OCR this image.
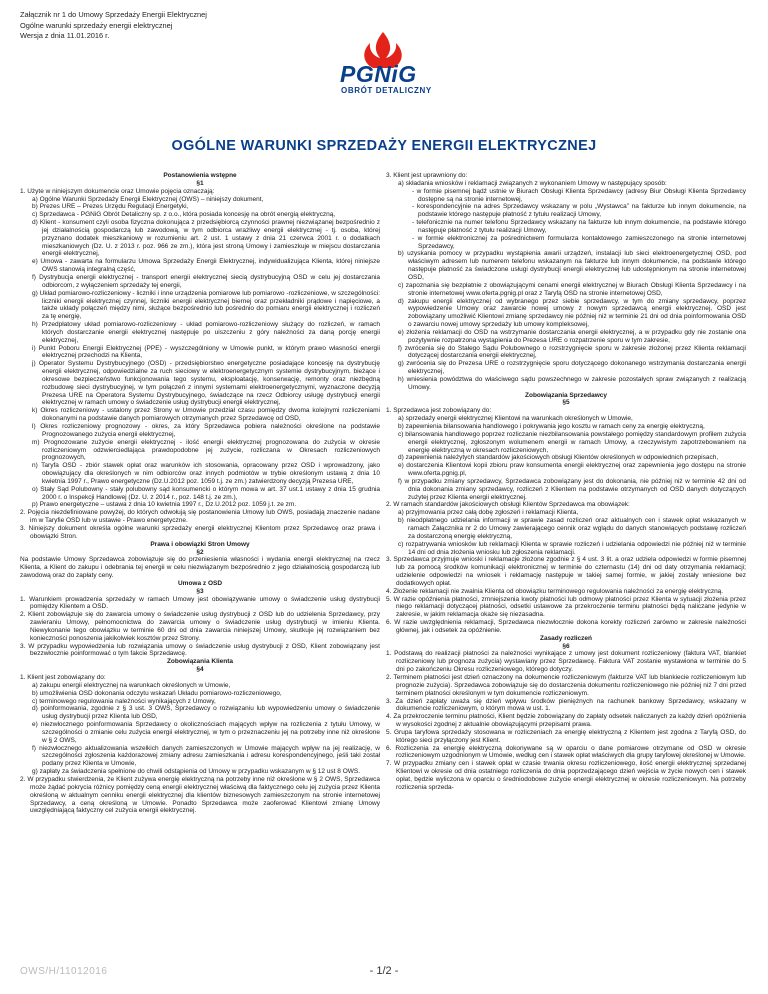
Załącznik nr 1 do Umowy Sprzedaży Energii Elektrycznej
Ogólne warunki sprzedaży energii elektrycznej
Wersja z dnia 11.01.2016 r.
PGNiG
OBRÓT DETALICZNY
OGÓLNE WARUNKI SPRZEDAŻY ENERGII ELEKTRYCZNEJ
Postanowienia wstępne
§1
1. Użyte w niniejszym dokumencie oraz Umowie pojęcia oznaczają:
a) Ogólne Warunki Sprzedaży Energii Elektrycznej (OWS) – niniejszy dokument,
b) Prezes URE – Prezes Urzędu Regulacji Energetyki,
c) Sprzedawca - PGNiG Obrót Detaliczny sp. z o.o., która posiada koncesję na obrót energią elektryczną,
d) Klient - konsument czyli osoba fizyczna dokonująca z przedsiębiorcą czynności prawnej niezwiązanej bezpośrednio z jej działalnością gospodarczą lub zawodową, w tym odbiorca wrażliwy energii elektrycznej - tj. osoba, której przyznano dodatek mieszkaniowy w rozumieniu art. 2 ust. 1 ustawy z dnia 21 czerwca 2001 r. o dodatkach mieszkaniowych (Dz. U. z 2013 r. poz. 966 ze zm.), która jest stroną Umowy i zamieszkuje w miejscu dostarczania energii elektrycznej,
e) Umowa - zawarta na formularzu Umowa Sprzedaży Energii Elektrycznej, indywidualizująca Klienta, której niniejsze OWS stanowią integralną część,
f) Dystrybucja energii elektrycznej - transport energii elektrycznej siecią dystrybucyjną OSD w celu jej dostarczania odbiorcom, z wyłączeniem sprzedaży tej energii,
g) Układ pomiarowo-rozliczeniowy - liczniki i inne urządzenia pomiarowe lub pomiarowo -rozliczeniowe, w szczególności: liczniki energii elektrycznej czynnej, liczniki energii elektrycznej biernej oraz przekładniki prądowe i napięciowe, a także układy połączeń między nimi, służące bezpośrednio lub pośrednio do pomiaru energii elektrycznej i rozliczeń za tę energię,
h) Przedpłatowy układ pomiarowo-rozliczeniowy - układ pomiarowo-rozliczeniowy służący do rozliczeń, w ramach których dostarczanie energii elektrycznej następuje po uiszczeniu z góry należności za daną porcję energii elektrycznej,
i) Punkt Poboru Energii Elektrycznej (PPE) - wyszczególniony w Umowie punkt, w którym prawo własności energii elektrycznej przechodzi na Klienta,
j) Operator Systemu Dystrybucyjnego (OSD) - przedsiębiorstwo energetyczne posiadające koncesję na dystrybucję energii elektrycznej, odpowiedzialne za ruch sieciowy w elektroenergetycznym systemie dystrybucyjnym, bieżące i okresowe bezpieczeństwo funkcjonowania tego systemu, eksploatację, konserwację, remonty oraz niezbędną rozbudowę sieci dystrybucyjnej, w tym połączeń z innymi systemami elektroenergetycznymi, wyznaczone decyzją Prezesa URE na Operatora Systemu Dystrybucyjnego, świadczące na rzecz Odbiorcy usługę dystrybucji energii elektrycznej w ramach umowy o świadczenie usług dystrybucji energii elektrycznej,
k) Okres rozliczeniowy - ustalony przez Strony w Umowie przedział czasu pomiędzy dwoma kolejnymi rozliczeniami dokonanymi na podstawie danych pomiarowych otrzymanych przez Sprzedawcę od OSD,
l) Okres rozliczeniowy prognozowy - okres, za który Sprzedawca pobiera należności określone na podstawie Prognozowanego zużycia energii elektrycznej,
m) Prognozowane zużycie energii elektrycznej - ilość energii elektrycznej prognozowana do zużycia w okresie rozliczeniowym odzwierciedlająca prawdopodobne jej zużycie, rozliczana w Okresach rozliczeniowych prognozowych,
n) Taryfa OSD - zbiór stawek opłat oraz warunków ich stosowania, opracowany przez OSD i wprowadzony, jako obowiązujący dla określonych w nim odbiorców oraz innych podmiotów w trybie określonym ustawą z dnia 10 kwietnia 1997 r., Prawo energetyczne (Dz.U.2012 poz. 1059 t.j. ze zm.) zatwierdzony decyzją Prezesa URE,
o) Stały Sąd Polubowny - stały polubowny sąd konsumencki o którym mowa w art. 37 ust.1 ustawy z dnia 15 grudnia 2000 r. o Inspekcji Handlowej (Dz. U. z 2014 r., poz. 148 t.j. ze zm.),
p) Prawo energetyczne – ustawa z dnia 10 kwietnia 1997 r., Dz.U.2012 poz. 1059 j.t. ze zm.
2. Pojęcia niezdefiniowane powyżej, do których odwołują się postanowienia Umowy lub OWS, posiadają znaczenie nadane im w Taryfie OSD lub w ustawie - Prawo energetyczne.
3. Niniejszy dokument określa ogólne warunki sprzedaży energii elektrycznej Klientom przez Sprzedawcę oraz prawa i obowiązki Stron.
Prawa i obowiązki Stron Umowy
§2
Na podstawie Umowy Sprzedawca zobowiązuje się do przeniesienia własności i wydania energii elektrycznej na rzecz Klienta, a Klient do zakupu i odebrania tej energii w celu niezwiązanym bezpośrednio z jego działalnością gospodarczą lub zawodową oraz do zapłaty ceny.
Umowa z OSD
§3
1. Warunkiem prowadzenia sprzedaży w ramach Umowy jest obowiązywanie umowy o świadczenie usług dystrybucji pomiędzy Klientem a OSD.
2. Klient zobowiązuje się do zawarcia umowy o świadczenie usług dystrybucji z OSD lub do udzielenia Sprzedawcy, przy zawieraniu Umowy, pełnomocnictwa do zawarcia umowy o świadczenie usług dystrybucji w imieniu Klienta. Niewykonanie tego obowiązku w terminie 60 dni od dnia zawarcia niniejszej Umowy, skutkuje jej rozwiązaniem bez konieczności ponoszenia jakikolwiek kosztów przez Strony.
3. W przypadku wypowiedzenia lub rozwiązania umowy o świadczenie usług dystrybucji z OSD, Klient zobowiązany jest bezzwłocznie poinformować o tym fakcie Sprzedawcę.
Zobowiązania Klienta
§4
1. Klient jest zobowiązany do:
a) zakupu energii elektrycznej na warunkach określonych w Umowie,
b) umożliwienia OSD dokonania odczytu wskazań Układu pomiarowo-rozliczeniowego,
c) terminowego regulowania należności wynikających z Umowy,
d) poinformowania, zgodnie z § 3 ust. 3 OWS, Sprzedawcy o rozwiązaniu lub wypowiedzeniu umowy o świadczenie usług dystrybucji przez Klienta lub OSD,
e) niezwłocznego poinformowania Sprzedawcy o okolicznościach mających wpływ na rozliczenia z tytułu Umowy, w szczególności o zmianie celu zużycia energii elektrycznej, w tym o przeznaczeniu jej na potrzeby inne niż określone w § 2 OWS,
f) niezwłocznego aktualizowania wszelkich danych zamieszczonych w Umowie mających wpływ na jej realizację, w szczególności zgłoszenia każdorazowej zmiany adresu zamieszkania i adresu korespondencyjnego, jeśli taki został podany przez Klienta w Umowie,
g) zapłaty za świadczenia spełnione do chwili odstąpienia od Umowy w przypadku wskazanym w § 12 ust 8 OWS.
2. W przypadku stwierdzenia, że Klient zużywa energię elektryczną na potrzeby inne niż określone w § 2 OWS, Sprzedawca może żądać pokrycia różnicy pomiędzy ceną energii elektrycznej właściwą dla faktycznego celu jej zużycia przez Klienta określoną w aktualnym cenniku energii elektrycznej dla klientów biznesowych zamieszczonym na stronie internetowej Sprzedawcy, a ceną określoną w Umowie. Ponadto Sprzedawca może zaoferować Klientowi zmianę Umowy uwzględniającą faktyczny cel zużycia energii elektrycznej.
3. Klient jest uprawniony do:
a) składania wniosków i reklamacji związanych z wykonaniem Umowy w następujący sposób:
- w formie pisemnej bądź ustnie w Biurach Obsługi Klienta Sprzedawcy (adresy Biur Obsługi Klienta Sprzedawcy dostępne są na stronie internetowej,
- korespondencyjnie na adres Sprzedawcy wskazany w polu „Wystawca” na fakturze lub innym dokumencie, na podstawie którego następuje płatność z tytułu realizacji Umowy,
- telefonicznie na numer telefonu Sprzedawcy wskazany na fakturze lub innym dokumencie, na podstawie którego następuje płatność z tytułu realizacji Umowy,
- w formie elektronicznej za pośrednictwem formularza kontaktowego zamieszczonego na stronie internetowej Sprzedawcy,
b) uzyskania pomocy w przypadku wystąpienia awarii urządzeń, instalacji lub sieci elektroenergetycznej OSD, pod właściwym adresem lub numerem telefonu wskazanym na fakturze lub innym dokumencie, na podstawie którego następuje płatność za świadczone usługi dystrybucji energii elektrycznej lub udostępnionym na stronie internetowej OSD,
c) zapoznania się bezpłatnie z obowiązującymi cenami energii elektrycznej w Biurach Obsługi Klienta Sprzedawcy i na stronie internetowej www.oferta.pgnig.pl oraz z Taryfą OSD na stronie internetowej OSD,
d) zakupu energii elektrycznej od wybranego przez siebie sprzedawcy, w tym do zmiany sprzedawcy, poprzez wypowiedzenie Umowy oraz zawarcie nowej umowy z nowym sprzedawcą energii elektrycznej, OSD jest zobowiązany umożliwić Klientowi zmianę sprzedawcy nie później niż w terminie 21 dni od dnia poinformowania OSD o zawarciu nowej umowy sprzedaży lub umowy kompleksowej,
e) złożenia reklamacji do OSD na wstrzymanie dostarczania energii elektrycznej, a w przypadku gdy nie zostanie ona pozytywnie rozpatrzona wystąpienia do Prezesa URE o rozpatrzenie sporu w tym zakresie,
f) zwrócenia się do Stałego Sądu Polubownego o rozstrzygnięcie sporu w zakresie złożonej przez Klienta reklamacji dotyczącej dostarczania energii elektrycznej,
g) zwrócenia się do Prezesa URE o rozstrzygnięcie sporu dotyczącego dokonanego wstrzymania dostarczania energii elektrycznej,
h) wniesienia powództwa do właściwego sądu powszechnego w zakresie pozostałych spraw związanych z realizacją Umowy.
Zobowiązania Sprzedawcy
§5
1. Sprzedawca jest zobowiązany do:
a) sprzedaży energii elektrycznej Klientowi na warunkach określonych w Umowie,
b) zapewnienia bilansowania handlowego i pokrywania jego kosztu w ramach ceny za energię elektryczną,
c) bilansowania handlowego poprzez rozliczanie niezbilansowania powstałego pomiędzy standardowym profilem zużycia energii elektrycznej, zgłoszonym wolumenem energii w ramach Umowy, a rzeczywistym zapotrzebowaniem na energię elektryczną w okresach rozliczeniowych,
d) zapewnienia należytych standardów jakościowych obsługi Klientów określonych w odpowiednich przepisach,
e) dostarczenia Klientowi kopii zbioru praw konsumenta energii elektrycznej oraz zapewnienia jego dostępu na stronie www.oferta.pgnig.pl,
f) w przypadku zmiany sprzedawcy, Sprzedawca zobowiązany jest do dokonania, nie później niż w terminie 42 dni od dnia dokonania zmiany sprzedawcy, rozliczeń z Klientem na podstawie otrzymanych od OSD danych dotyczących zużytej przez Klienta energii elektrycznej.
2. W ramach standardów jakościowych obsługi Klientów Sprzedawca ma obowiązek:
a) przyjmowania przez całą dobę zgłoszeń i reklamacji Klienta,
b) nieodpłatnego udzielania informacji w sprawie zasad rozliczeń oraz aktualnych cen i stawek opłat wskazanych w ramach Załącznika nr 2 do Umowy zawierającego cennik oraz wglądu do danych stanowiących podstawę rozliczeń za dostarczoną energię elektryczną,
c) rozpatrywania wniosków lub reklamacji Klienta w sprawie rozliczeń i udzielania odpowiedzi nie później niż w terminie 14 dni od dnia złożenia wniosku lub zgłoszenia reklamacji.
3. Sprzedawca przyjmuje wnioski i reklamacje złożone zgodnie z § 4 ust. 3 lit. a oraz udziela odpowiedzi w formie pisemnej lub za pomocą środków komunikacji elektronicznej w terminie do czternastu (14) dni od daty otrzymania reklamacji; udzielenie odpowiedzi na wniosek i reklamację następuje w takiej samej formie, w jakiej zostały wniesione bez dodatkowych opłat.
4. Złożenie reklamacji nie zwalnia Klienta od obowiązku terminowego regulowania należności za energię elektryczną.
5. W razie opóźnienia płatności, zmniejszenia kwoty płatności lub odmowy płatności przez Klienta w sytuacji złożenia przez niego reklamacji dotyczącej płatności, odsetki ustawowe za przekroczenie terminu płatności będą naliczane jedynie w zakresie, w jakim reklamacja okaże się niezasadna.
6. W razie uwzględnienia reklamacji, Sprzedawca niezwłocznie dokona korekty rozliczeń zarówno w zakresie należności głównej, jak i odsetek za opóźnienie.
Zasady rozliczeń
§6
1. Podstawą do realizacji płatności za należności wynikające z umowy jest dokument rozliczeniowy (faktura VAT, blankiet rozliczeniowy lub prognoza zużycia) wystawiany przez Sprzedawcę. Faktura VAT zostanie wystawiona w terminie do 5 dni po zakończeniu Okresu rozliczeniowego, którego dotyczy.
2. Terminem płatności jest dzień oznaczony na dokumencie rozliczeniowym (fakturze VAT lub blankiecie rozliczeniowym lub prognozie zużycia). Sprzedawca zobowiązuje się do dostarczenia dokumentu rozliczeniowego nie później niż 7 dni przed terminem płatności określonym w tym dokumencie rozliczeniowym.
3. Za dzień zapłaty uważa się dzień wpływu środków pieniężnych na rachunek bankowy Sprzedawcy, wskazany w dokumencie rozliczeniowym, o którym mowa w ust. 1.
4. Za przekroczenie terminu płatności, Klient będzie zobowiązany do zapłaty odsetek naliczanych za każdy dzień opóźnienia w wysokości zgodnej z aktualnie obowiązującymi przepisami prawa.
5. Grupa taryfowa sprzedaży stosowana w rozliczeniach za energię elektryczną z Klientem jest zgodna z Taryfą OSD, do którego sieci przyłączony jest Klient.
6. Rozliczenia za energię elektryczną dokonywane są w oparciu o dane pomiarowe otrzymane od OSD w okresie rozliczeniowym uzgodnionym w Umowie, według cen i stawek opłat właściwych dla grupy taryfowej określonej w Umowie.
7. W przypadku zmiany cen i stawek opłat w czasie trwania okresu rozliczeniowego, ilość energii elektrycznej sprzedanej Klientowi w okresie od dnia ostatniego rozliczenia do dnia poprzedzającego dzień wejścia w życie nowych cen i stawek opłat, będzie wyliczona w oparciu o średniodobowe zużycie energii elektrycznej w okresie rozliczeniowym. Na potrzeby rozliczenia sprzeda-
OWS/H/11012016	- 1/2 -
